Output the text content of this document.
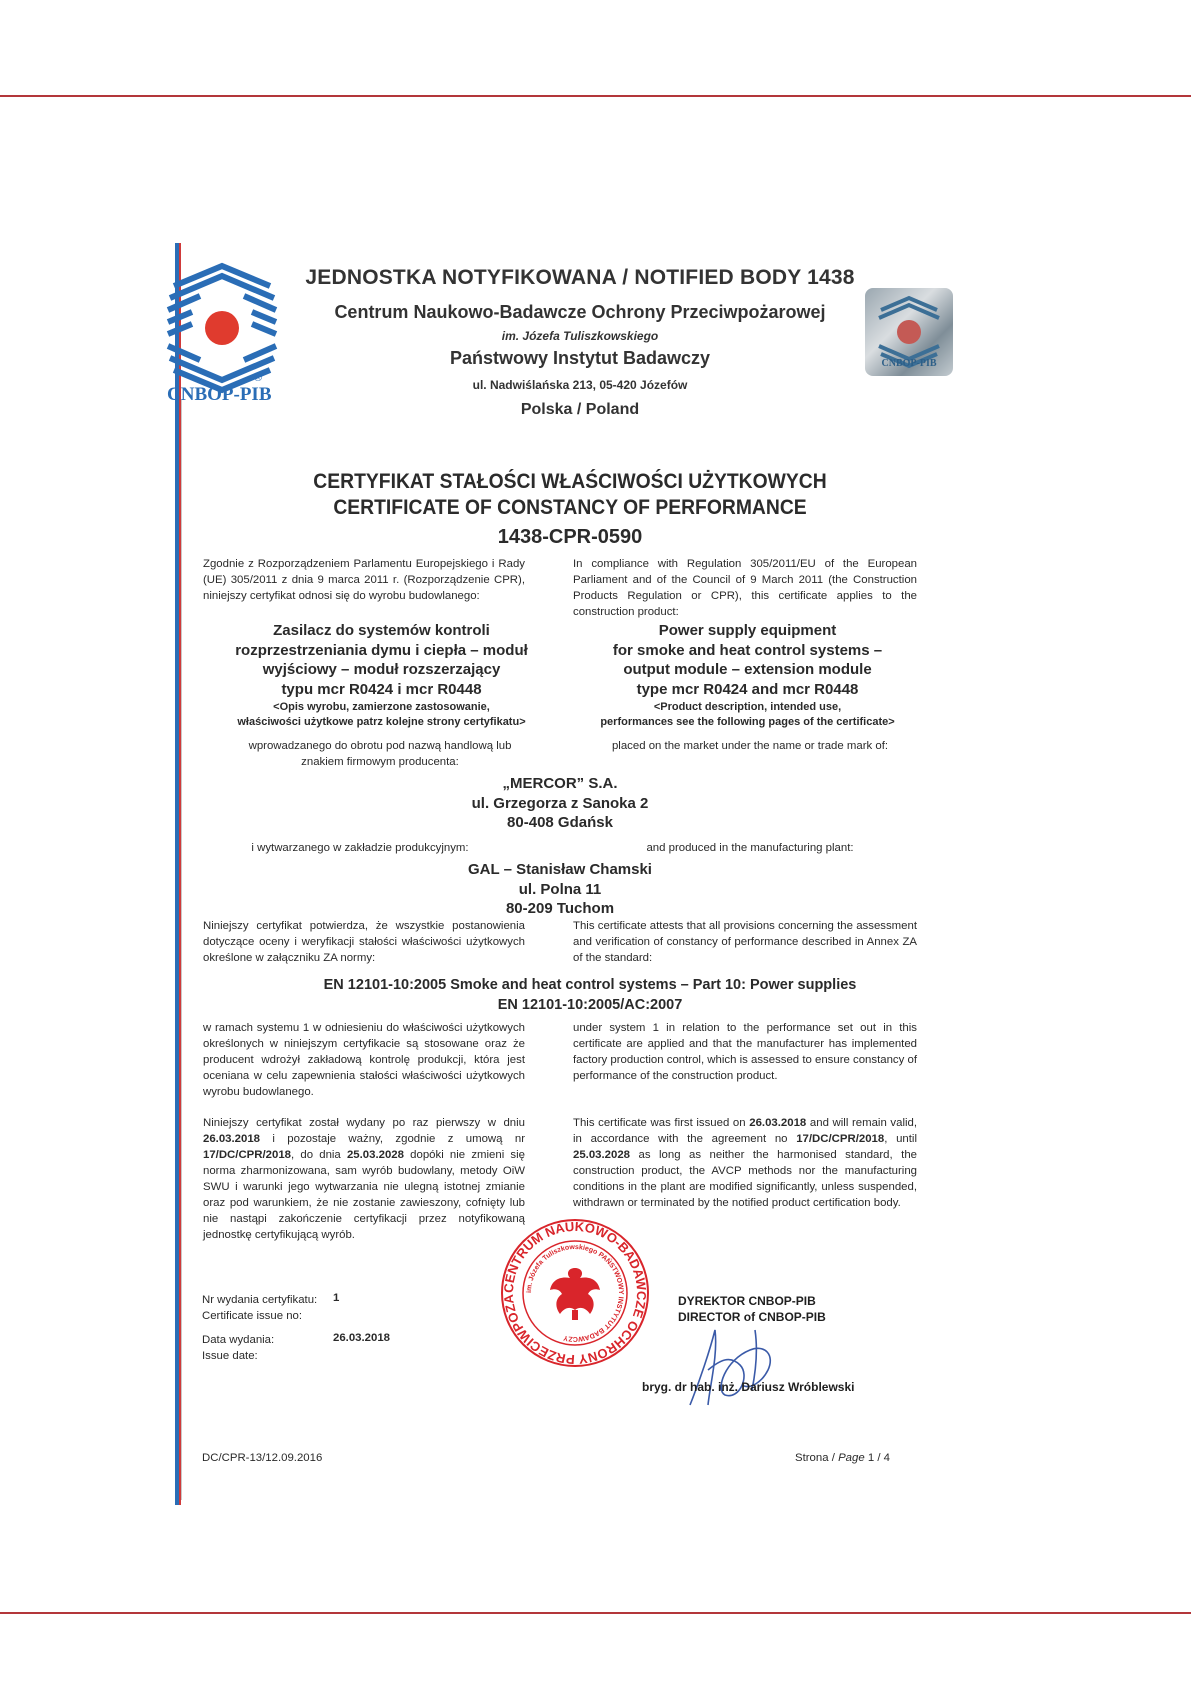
®
CNBOP-PIB
CNBOP-PIB
JEDNOSTKA NOTYFIKOWANA / NOTIFIED BODY 1438
Centrum Naukowo-Badawcze Ochrony Przeciwpożarowej
im. Józefa Tuliszkowskiego
Państwowy Instytut Badawczy
ul. Nadwiślańska 213, 05-420 Józefów
Polska / Poland
CERTYFIKAT STAŁOŚCI WŁAŚCIWOŚCI UŻYTKOWYCH
CERTIFICATE OF CONSTANCY OF PERFORMANCE
1438-CPR-0590
Zgodnie z Rozporządzeniem Parlamentu Europejskiego i Rady (UE) 305/2011 z dnia 9 marca 2011 r. (Rozporządzenie CPR), niniejszy certyfikat odnosi się do wyrobu budowlanego:
In compliance with Regulation 305/2011/EU of the European Parliament and of the Council of 9 March 2011 (the Construction Products Regulation or CPR), this certificate applies to the construction product:
Zasilacz do systemów kontroli
rozprzestrzeniania dymu i ciepła – moduł
wyjściowy – moduł rozszerzający
typu mcr R0424 i mcr R0448
<Opis wyrobu, zamierzone zastosowanie,
właściwości użytkowe patrz kolejne strony certyfikatu>
Power supply equipment
for smoke and heat control systems –
output module – extension module
type mcr R0424 and mcr R0448
<Product description, intended use,
performances see the following pages of the certificate>
wprowadzanego do obrotu pod nazwą handlową lub znakiem firmowym producenta:
placed on the market under the name or trade mark of:
„MERCOR” S.A.
ul. Grzegorza z Sanoka 2
80-408 Gdańsk
i wytwarzanego w zakładzie produkcyjnym:	and produced in the manufacturing plant:
GAL – Stanisław Chamski
ul. Polna 11
80-209 Tuchom
Niniejszy certyfikat potwierdza, że wszystkie postanowienia dotyczące oceny i weryfikacji stałości właściwości użytkowych określone w załączniku ZA normy:
This certificate attests that all provisions concerning the assessment and verification of constancy of performance described in Annex ZA of the standard:
EN 12101-10:2005 Smoke and heat control systems – Part 10: Power supplies
EN 12101-10:2005/AC:2007
w ramach systemu 1 w odniesieniu do właściwości użytkowych określonych w niniejszym certyfikacie są stosowane oraz że producent wdrożył zakładową kontrolę produkcji, która jest oceniana w celu zapewnienia stałości właściwości użytkowych wyrobu budowlanego.
under system 1 in relation to the performance set out in this certificate are applied and that the manufacturer has implemented factory production control, which is assessed to ensure constancy of performance of the construction product.
Niniejszy certyfikat został wydany po raz pierwszy w dniu 26.03.2018 i pozostaje ważny, zgodnie z umową nr 17/DC/CPR/2018, do dnia 25.03.2028 dopóki nie zmieni się norma zharmonizowana, sam wyrób budowlany, metody OiW SWU i warunki jego wytwarzania nie ulegną istotnej zmianie oraz pod warunkiem, że nie zostanie zawieszony, cofnięty lub nie nastąpi zakończenie certyfikacji przez notyfikowaną jednostkę certyfikującą wyrób.
This certificate was first issued on 26.03.2018 and will remain valid, in accordance with the agreement no 17/DC/CPR/2018, until 25.03.2028 as long as neither the harmonised standard, the construction product, the AVCP methods nor the manufacturing conditions in the plant are modified significantly, unless suspended, withdrawn or terminated by the notified product certification body.
Nr wydania certyfikatu:
Certificate issue no:
1
Data wydania:
Issue date:
26.03.2018
CENTRUM NAUKOWO-BADAWCZE OCHRONY PRZECIWPOŻA
im. Józefa Tuliszkowskiego PAŃSTWOWY INSTYTUT BADAWCZY
DYREKTOR CNBOP-PIB
DIRECTOR of CNBOP-PIB
bryg. dr hab. inż. Dariusz Wróblewski
DC/CPR-13/12.09.2016	Strona / Page 1 / 4
